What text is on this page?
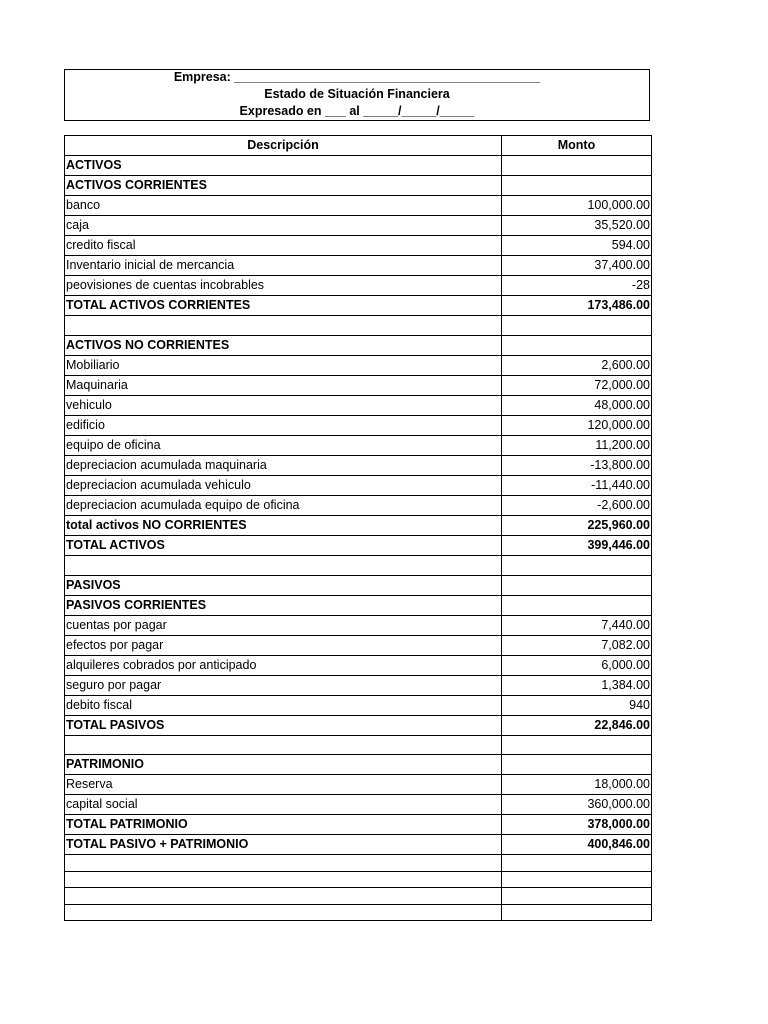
Empresa: ____________________________________________
Estado de Situación Financiera
Expresado en ___ al _____/_____/_____
Descripción	Monto
ACTIVOS	
ACTIVOS CORRIENTES	
banco	100,000.00
caja	35,520.00
credito fiscal	594.00
Inventario inicial de mercancia	37,400.00
peovisiones de cuentas incobrables	-28
TOTAL ACTIVOS CORRIENTES	173,486.00

ACTIVOS NO CORRIENTES	
Mobiliario	2,600.00
Maquinaria	72,000.00
vehiculo	48,000.00
edificio	120,000.00
equipo de oficina	11,200.00
depreciacion acumulada maquinaria	-13,800.00
depreciacion acumulada vehiculo	-11,440.00
depreciacion acumulada equipo de oficina	-2,600.00
total activos NO CORRIENTES	225,960.00
TOTAL ACTIVOS	399,446.00

PASIVOS	
PASIVOS CORRIENTES	
cuentas por pagar	7,440.00
efectos por pagar	7,082.00
alquileres cobrados por anticipado	6,000.00
seguro por pagar	1,384.00
debito fiscal	940
TOTAL PASIVOS	22,846.00

PATRIMONIO	
Reserva	18,000.00
capital social	360,000.00
TOTAL PATRIMONIO	378,000.00
TOTAL PASIVO + PATRIMONIO	400,846.00
